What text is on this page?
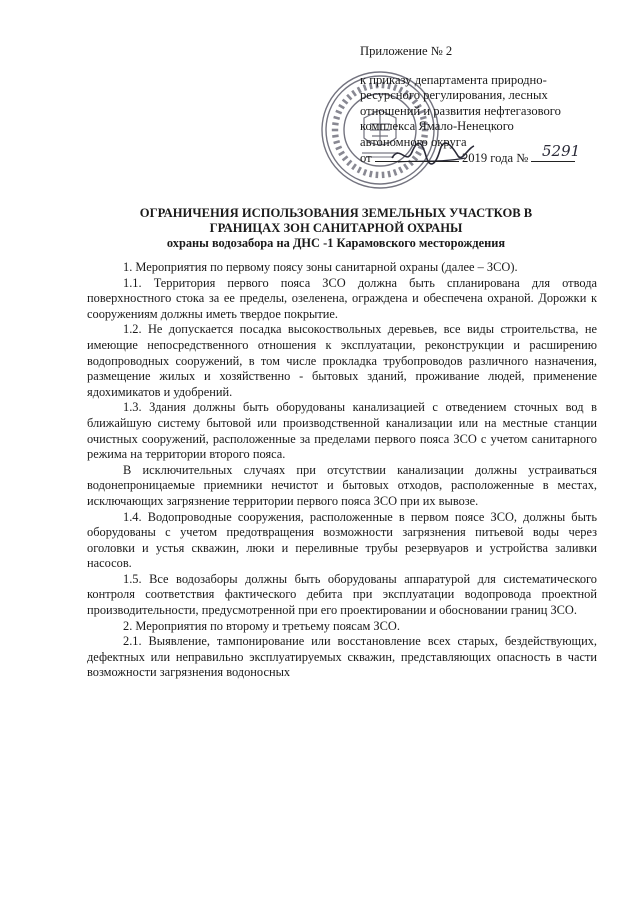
Приложение № 2
к приказу департамента природно-
ресурсного регулирования, лесных
отношений и развития нефтегазового
комплекса Ямало-Ненецкого
автономного округа
от	2019 года № 5291
ОГРАНИЧЕНИЯ ИСПОЛЬЗОВАНИЯ ЗЕМЕЛЬНЫХ УЧАСТКОВ В
ГРАНИЦАХ ЗОН САНИТАРНОЙ ОХРАНЫ
охраны водозабора на ДНС -1 Карамовского месторождения

1. Мероприятия по первому поясу зоны санитарной охраны (далее – ЗСО).

1.1. Территория первого пояса ЗСО должна быть спланирована для отвода поверхностного стока за ее пределы, озеленена, ограждена и обеспечена охраной. Дорожки к сооружениям должны иметь твердое покрытие.

1.2. Не допускается посадка высокоствольных деревьев, все виды строительства, не имеющие непосредственного отношения к эксплуатации, реконструкции и расширению водопроводных сооружений, в том числе прокладка трубопроводов различного назначения, размещение жилых и хозяйственно - бытовых зданий, проживание людей, применение ядохимикатов и удобрений.

1.3. Здания должны быть оборудованы канализацией с отведением сточных вод в ближайшую систему бытовой или производственной канализации или на местные станции очистных сооружений, расположенные за пределами первого пояса ЗСО с учетом санитарного режима на территории второго пояса.

В исключительных случаях при отсутствии канализации должны устраиваться водонепроницаемые приемники нечистот и бытовых отходов, расположенные в местах, исключающих загрязнение территории первого пояса ЗСО при их вывозе.

1.4. Водопроводные сооружения, расположенные в первом поясе ЗСО, должны быть оборудованы с учетом предотвращения возможности загрязнения питьевой воды через оголовки и устья скважин, люки и переливные трубы резервуаров и устройства заливки насосов.

1.5. Все водозаборы должны быть оборудованы аппаратурой для систематического контроля соответствия фактического дебита при эксплуатации водопровода проектной производительности, предусмотренной при его проектировании и обосновании границ ЗСО.

2. Мероприятия по второму и третьему поясам ЗСО.

2.1. Выявление, тампонирование или восстановление всех старых, бездействующих, дефектных или неправильно эксплуатируемых скважин, представляющих опасность в части возможности загрязнения водоносных
